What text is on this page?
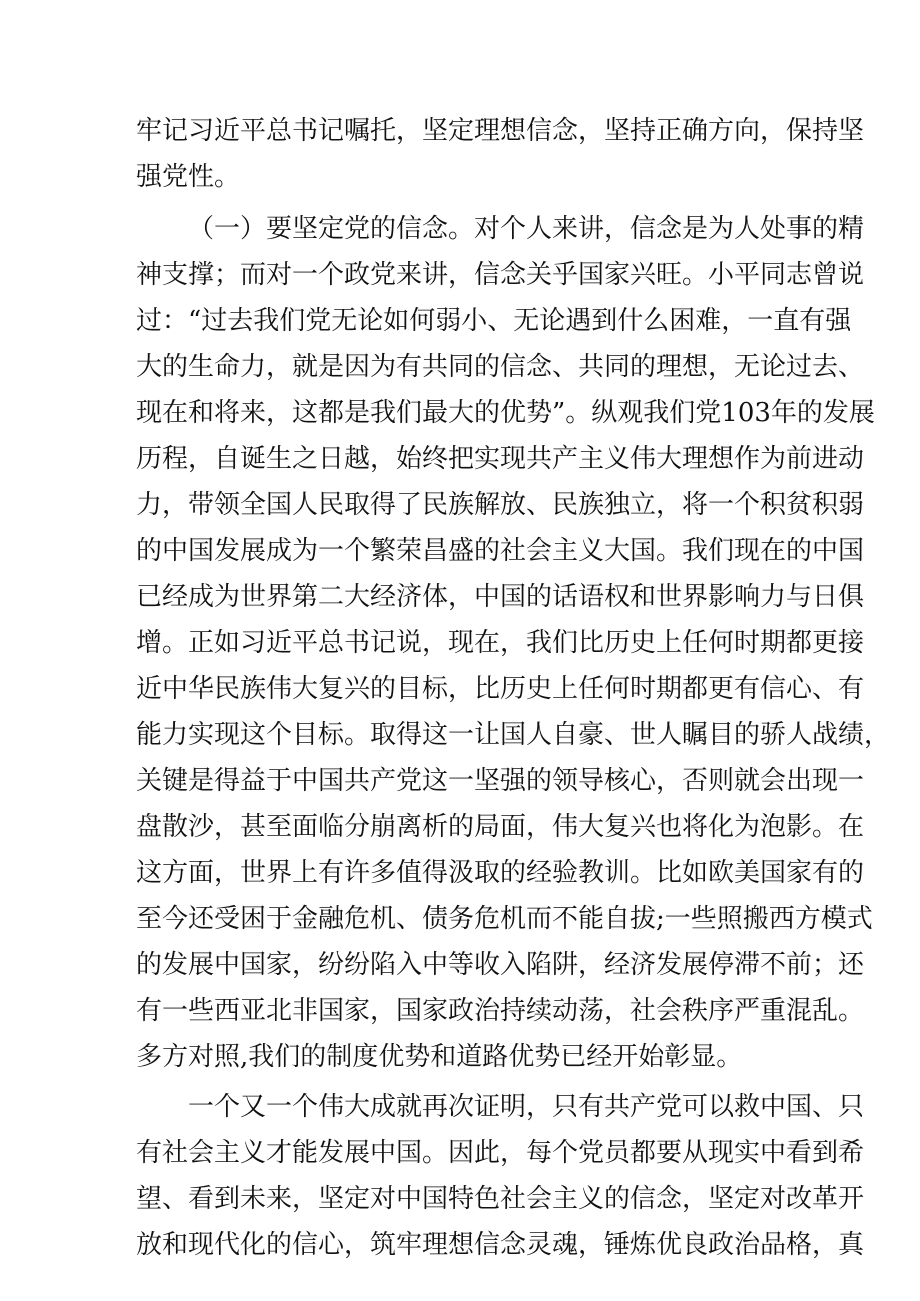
牢记习近平总书记嘱托，坚定理想信念，坚持正确方向，保持坚
强党性。
（一）要坚定党的信念。对个人来讲，信念是为人处事的精
神支撑；而对一个政党来讲，信念关乎国家兴旺。小平同志曾说
过：“过去我们党无论如何弱小、无论遇到什么困难，一直有强
大的生命力，就是因为有共同的信念、共同的理想，无论过去、
现在和将来，这都是我们最大的优势”。纵观我们党103年的发展
历程，自诞生之日越，始终把实现共产主义伟大理想作为前进动
力，带领全国人民取得了民族解放、民族独立，将一个积贫积弱
的中国发展成为一个繁荣昌盛的社会主义大国。我们现在的中国
已经成为世界第二大经济体，中国的话语权和世界影响力与日俱
增。正如习近平总书记说，现在，我们比历史上任何时期都更接
近中华民族伟大复兴的目标，比历史上任何时期都更有信心、有
能力实现这个目标。取得这一让国人自豪、世人瞩目的骄人战绩，
关键是得益于中国共产党这一坚强的领导核心，否则就会出现一
盘散沙，甚至面临分崩离析的局面，伟大复兴也将化为泡影。在
这方面，世界上有许多值得汲取的经验教训。比如欧美国家有的
至今还受困于金融危机、债务危机而不能自拔;一些照搬西方模式
的发展中国家，纷纷陷入中等收入陷阱，经济发展停滞不前；还
有一些西亚北非国家，国家政治持续动荡，社会秩序严重混乱。
多方对照,我们的制度优势和道路优势已经开始彰显。
一个又一个伟大成就再次证明，只有共产党可以救中国、只
有社会主义才能发展中国。因此，每个党员都要从现实中看到希
望、看到未来，坚定对中国特色社会主义的信念，坚定对改革开
放和现代化的信心，筑牢理想信念灵魂，锤炼优良政治品格，真
